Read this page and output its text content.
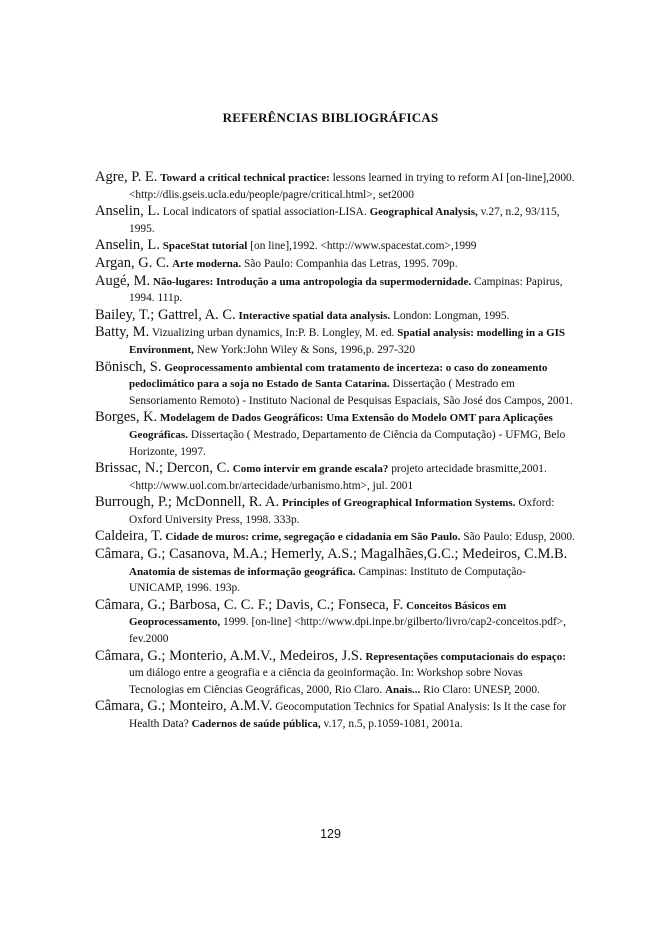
REFERÊNCIAS BIBLIOGRÁFICAS

Agre, P. E. Toward a critical technical practice: lessons learned in trying to reform AI [on-line],2000. <http://dlis.gseis.ucla.edu/people/pagre/critical.html>, set2000

Anselin, L. Local indicators of spatial association-LISA. Geographical Analysis, v.27, n.2, 93/115, 1995.

Anselin, L. SpaceStat tutorial [on line],1992. <http://www.spacestat.com>,1999

Argan, G. C. Arte moderna. São Paulo: Companhia das Letras, 1995. 709p.

Augé, M. Não-lugares: Introdução a uma antropologia da supermodernidade. Campinas: Papirus, 1994. 111p.

Bailey, T.; Gattrel, A. C. Interactive spatial data analysis. London: Longman, 1995.

Batty, M. Vizualizing urban dynamics, In:P. B. Longley, M. ed. Spatial analysis: modelling in a GIS Environment, New York:John Wiley & Sons, 1996,p. 297-320

Bönisch, S. Geoprocessamento ambiental com tratamento de incerteza: o caso do zoneamento pedoclimático para a soja no Estado de Santa Catarina. Dissertação ( Mestrado em Sensoriamento Remoto) - Instituto Nacional de Pesquisas Espaciais, São José dos Campos, 2001.

Borges, K. Modelagem de Dados Geográficos: Uma Extensão do Modelo OMT para Aplicações Geográficas. Dissertação ( Mestrado, Departamento de Ciência da Computação) - UFMG, Belo Horizonte, 1997.

Brissac, N.; Dercon, C. Como intervir em grande escala? projeto artecidade brasmitte,2001. <http://www.uol.com.br/artecidade/urbanismo.htm>, jul. 2001

Burrough, P.; McDonnell, R. A. Principles of Greographical Information Systems. Oxford: Oxford University Press, 1998. 333p.

Caldeira, T. Cidade de muros: crime, segregação e cidadania em São Paulo. São Paulo: Edusp, 2000.

Câmara, G.; Casanova, M.A.; Hemerly, A.S.; Magalhães,G.C.; Medeiros, C.M.B. Anatomia de sistemas de informação geográfica. Campinas: Instituto de Computação-UNICAMP, 1996. 193p.

Câmara, G.; Barbosa, C. C. F.; Davis, C.; Fonseca, F. Conceitos Básicos em Geoprocessamento, 1999. [on-line] <http://www.dpi.inpe.br/gilberto/livro/cap2-conceitos.pdf>, fev.2000

Câmara, G.; Monterio, A.M.V., Medeiros, J.S. Representações computacionais do espaço: um diálogo entre a geografia e a ciência da geoinformação. In: Workshop sobre Novas Tecnologias em Ciências Geográficas, 2000, Rio Claro. Anais... Rio Claro: UNESP, 2000.

Câmara, G.; Monteiro, A.M.V. Geocomputation Technics for Spatial Analysis: Is It the case for Health Data? Cadernos de saúde pública, v.17, n.5, p.1059-1081, 2001a.

129
